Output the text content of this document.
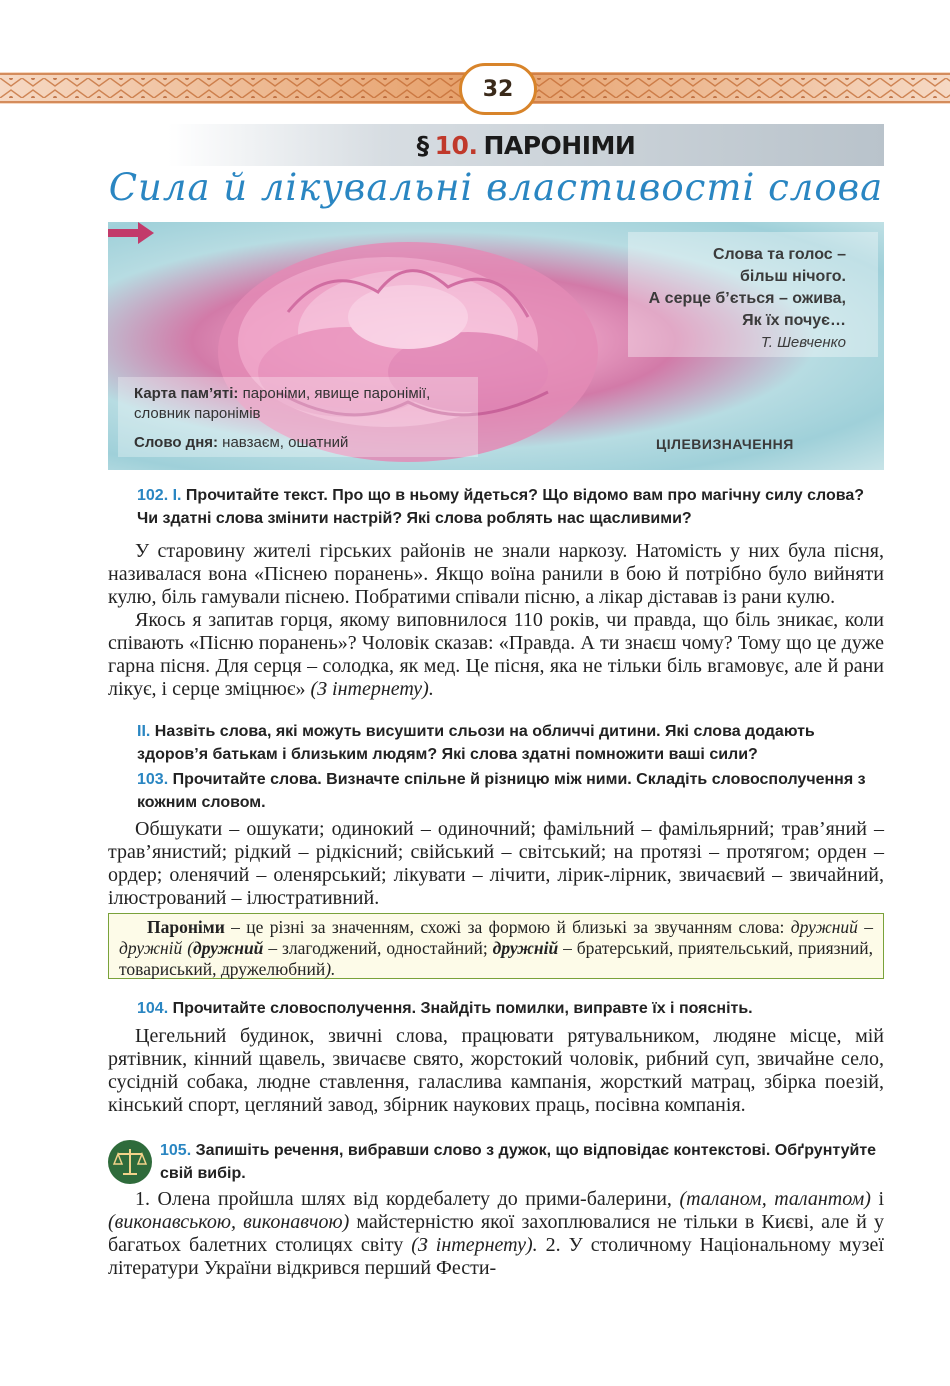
32
§ 10. ПАРОНІМИ
Сила й лікувальні властивості слова
Слова та голос –
більш нічого.
А серце б’ється – ожива,
Як їх почує…
Т. Шевченко
Карта пам’яті: пароніми, явище паронімії,
словник паронімів
Слово дня: навзаєм, ошатний	ЦІЛЕВИЗНАЧЕННЯ
102. I. Прочитайте текст. Про що в ньому йдеться? Що відомо вам про магічну силу слова? Чи здатні слова змінити настрій? Які слова роблять нас щасливими?

У старовину жителі гірських районів не знали наркозу. Натомість у них була пісня, називалася вона «Піснею поранень». Якщо воїна ранили в бою й потрібно було вийняти кулю, біль гамували піснею. Побратими співали пісню, а лікар діставав із рани кулю.

Якось я запитав горця, якому виповнилося 110 років, чи правда, що біль зникає, коли співають «Пісню поранень»? Чоловік сказав: «Правда. А ти знаєш чому? Тому що це дуже гарна пісня. Для серця – солодка, як мед. Це пісня, яка не тільки біль вгамовує, але й рани лікує, і серце зміцнює» (З інтернету).

II. Назвіть слова, які можуть висушити сльози на обличчі дитини. Які слова додають здоров’я батькам і близьким людям? Які слова здатні помножити ваші сили?
103. Прочитайте слова. Визначте спільне й різницю між ними. Складіть словосполучення з кожним словом.

Обшукати – ошукати; одинокий – одиночний; фамільний – фамільярний; трав’яний – трав’янистий; рідкий – рідкісний; свійський – світський; на протязі – протягом; орден – ордер; оленячий – оленярський; лікувати – лічити, лірик-лірник, звичаєвий – звичайний, ілюстрований – ілюстративний.

Пароніми – це різні за значенням, схожі за формою й близькі за звучанням слова: дружний – дружній (дружний – злагоджений, одностайний; дружній – братерський, приятельський, приязний, товариський, дружелюбний).

104. Прочитайте словосполучення. Знайдіть помилки, виправте їх і поясніть.

Цегельний будинок, звичні слова, працювати рятувальником, людяне місце, мій рятівник, кінний щавель, звичаєве свято, жорстокий чоловік, рибний суп, звичайне село, сусідній собака, людне ставлення, галаслива кампанія, жорсткий матрац, збірка поезій, кінський спорт, цегляний завод, збірник наукових праць, посівна компанія.

105. Запишіть речення, вибравши слово з дужок, що відповідає контекстові. Обґрунтуйте свій вибір.

1. Олена пройшла шлях від кордебалету до прими-балерини, (таланом, талантом) і (виконавською, виконавчою) майстерністю якої захоплювалися не тільки в Києві, але й у багатьох балетних столицях світу (З інтернету). 2. У столичному Національному музеї літератури України відкрився перший Фести-
